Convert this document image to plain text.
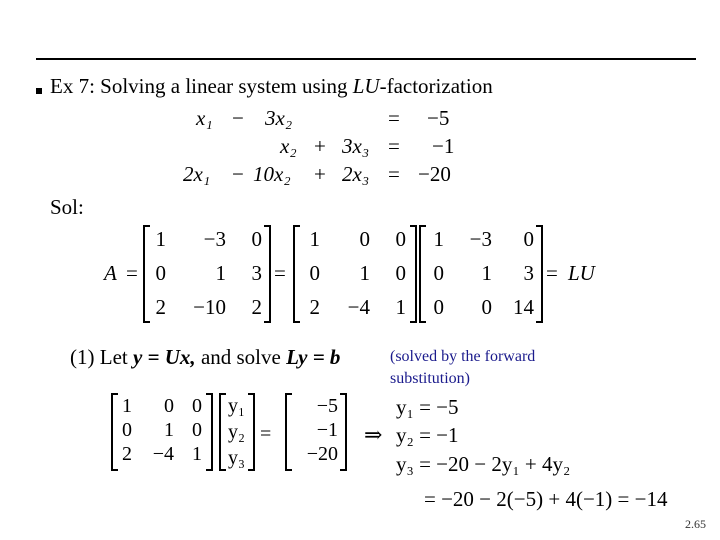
Ex 7: Solving a linear system using LU-factorization
x₁ − 3x₂	= −5
x₂ + 3x₃ = −1
2x₁ − 10x₂ + 2x₃ = −20
Sol:
A =
1 −3 0
0 1 3
2 −10 2
=
1 0 0
0 1 0
2 −4 1
1 −3 0
0 1 3
0 0 14
= LU
(1) Let y = Ux, and solve Ly = b
1 0 0
0 1 0
2 −4 1
y₁
y₂
y₃
=
−5
−1
−20
⇒
y₁ = −5
y₂ = −1
y₃ = −20 − 2y₁ + 4y₂
= −20 − 2(−5) + 4(−1) = −14
(solved by the forward substitution)
2.65
